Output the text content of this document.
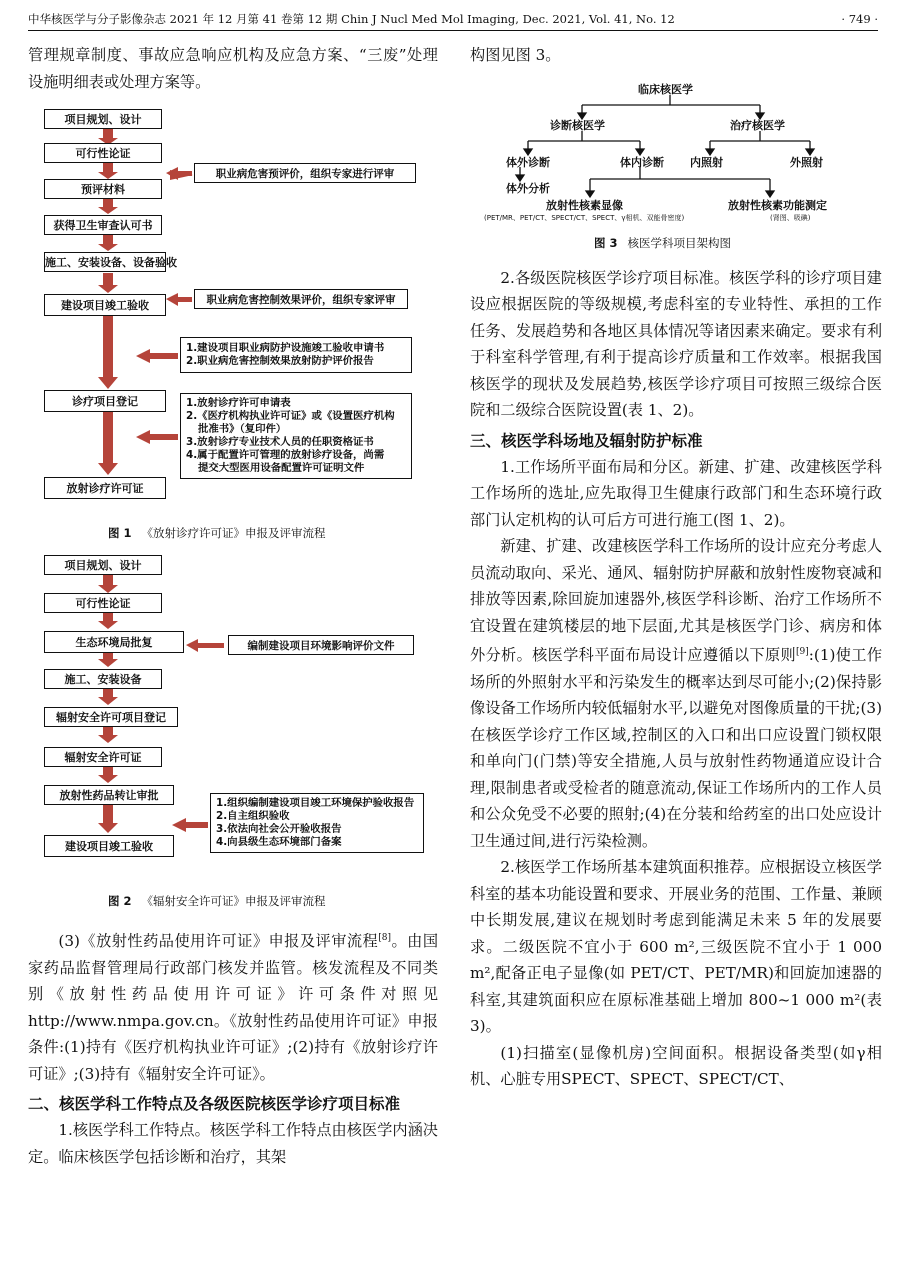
中华核医学与分子影像杂志 2021 年 12 月第 41 卷第 12 期 Chin J Nucl Med Mol Imaging, Dec. 2021, Vol. 41, No. 12	· 749 ·

管理规章制度、事故应急响应机构及应急方案、“三废”处理设施明细表或处理方案等。

项目规划、设计
可行性论证
预评材料
获得卫生审查认可书
施工、安装设备、设备验收
建设项目竣工验收
诊疗项目登记
放射诊疗许可证
职业病危害预评价，组织专家进行评审
职业病危害控制效果评价，组织专家评审
1.建设项目职业病防护设施竣工验收申请书
2.职业病危害控制效果放射防护评价报告
1.放射诊疗许可申请表
2.《医疗机构执业许可证》或《设置医疗机构
批准书》（复印件）
3.放射诊疗专业技术人员的任职资格证书
4.属于配置许可管理的放射诊疗设备，尚需
提交大型医用设备配置许可证明文件
图 1 《放射诊疗许可证》申报及评审流程
项目规划、设计
可行性论证
生态环境局批复
施工、安装设备
辐射安全许可项目登记
辐射安全许可证
放射性药品转让审批
建设项目竣工验收
编制建设项目环境影响评价文件
1.组织编制建设项目竣工环境保护验收报告
2.自主组织验收
3.依法向社会公开验收报告
4.向县级生态环境部门备案
图 2 《辐射安全许可证》申报及评审流程

(3)《放射性药品使用许可证》申报及评审流程[8]。由国家药品监督管理局行政部门核发并监管。核发流程及不同类别《放射性药品使用许可证》许可条件对照见 http://www.nmpa.gov.cn。《放射性药品使用许可证》申报条件:(1)持有《医疗机构执业许可证》;(2)持有《放射诊疗许可证》;(3)持有《辐射安全许可证》。

二、核医学科工作特点及各级医院核医学诊疗项目标准

1.核医学科工作特点。核医学科工作特点由核医学内涵决定。临床核医学包括诊断和治疗，其架

构图见图 3。

临床核医学
诊断核医学	治疗核医学
体外诊断	体内诊断 内照射	外照射
体外分析
放射性核素显像
(PET/MR、PET/CT、SPECT/CT、SPECT、γ相机、双能骨密度)
放射性核素功能测定
(肾图、吸碘)
图 3 核医学科项目架构图

2.各级医院核医学诊疗项目标准。核医学科的诊疗项目建设应根据医院的等级规模,考虑科室的专业特性、承担的工作任务、发展趋势和各地区具体情况等诸因素来确定。要求有利于科室科学管理,有利于提高诊疗质量和工作效率。根据我国核医学的现状及发展趋势,核医学诊疗项目可按照三级综合医院和二级综合医院设置(表 1、2)。

三、核医学科场地及辐射防护标准

1.工作场所平面布局和分区。新建、扩建、改建核医学科工作场所的选址,应先取得卫生健康行政部门和生态环境行政部门认定机构的认可后方可进行施工(图 1、2)。

新建、扩建、改建核医学科工作场所的设计应充分考虑人员流动取向、采光、通风、辐射防护屏蔽和放射性废物衰减和排放等因素,除回旋加速器外,核医学科诊断、治疗工作场所不宜设置在建筑楼层的地下层面,尤其是核医学门诊、病房和体外分析。核医学科平面布局设计应遵循以下原则[9]:(1)使工作场所的外照射水平和污染发生的概率达到尽可能小;(2)保持影像设备工作场所内较低辐射水平,以避免对图像质量的干扰;(3)在核医学诊疗工作区域,控制区的入口和出口应设置门锁权限和单向门(门禁)等安全措施,人员与放射性药物通道应设计合理,限制患者或受检者的随意流动,保证工作场所内的工作人员和公众免受不必要的照射;(4)在分装和给药室的出口处应设计卫生通过间,进行污染检测。

2.核医学工作场所基本建筑面积推荐。应根据设立核医学科室的基本功能设置和要求、开展业务的范围、工作量、兼顾中长期发展,建议在规划时考虑到能满足未来 5 年的发展要求。二级医院不宜小于 600 m²,三级医院不宜小于 1 000 m²,配备正电子显像(如 PET/CT、PET/MR)和回旋加速器的科室,其建筑面积应在原标准基础上增加 800~1 000 m²(表 3)。

(1)扫描室(显像机房)空间面积。根据设备类型(如γ相机、心脏专用SPECT、SPECT、SPECT/CT、
